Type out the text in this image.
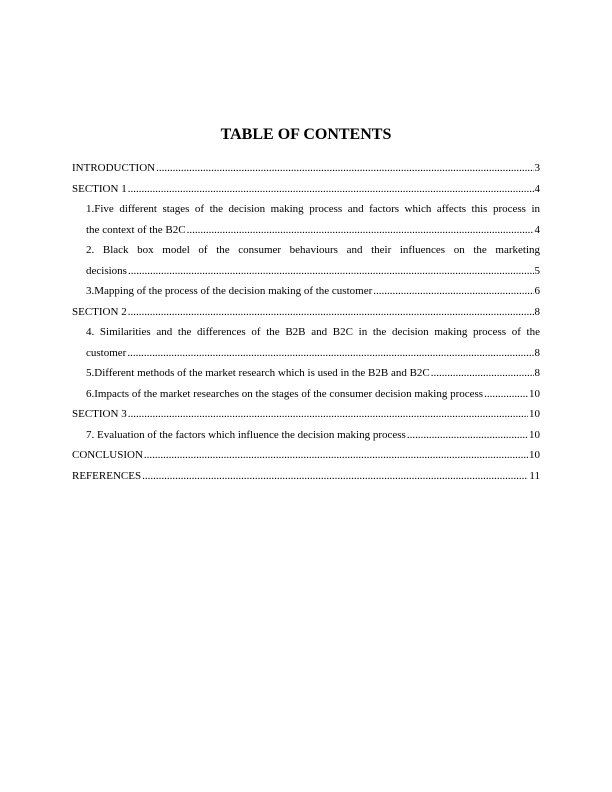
TABLE OF CONTENTS
INTRODUCTION .....	3
SECTION 1 .....	4
1.Five different stages of the decision making process and factors which affects this process in
the context of the B2C .....	4
2. Black box model of the consumer behaviours and their influences on the marketing
decisions .....	5
3.Mapping of the process of the decision making of the customer .....	6
SECTION 2 .....	8
4. Similarities and the differences of the B2B and B2C in the decision making process of the
customer .....	8
5.Different methods of the market research which is used in the B2B and B2C .....	8
6.Impacts of the market researches on the stages of the consumer decision making process .....	10
SECTION 3 .....	10
7. Evaluation of the factors which influence the decision making process .....	10
CONCLUSION .....	10
REFERENCES .....	11
